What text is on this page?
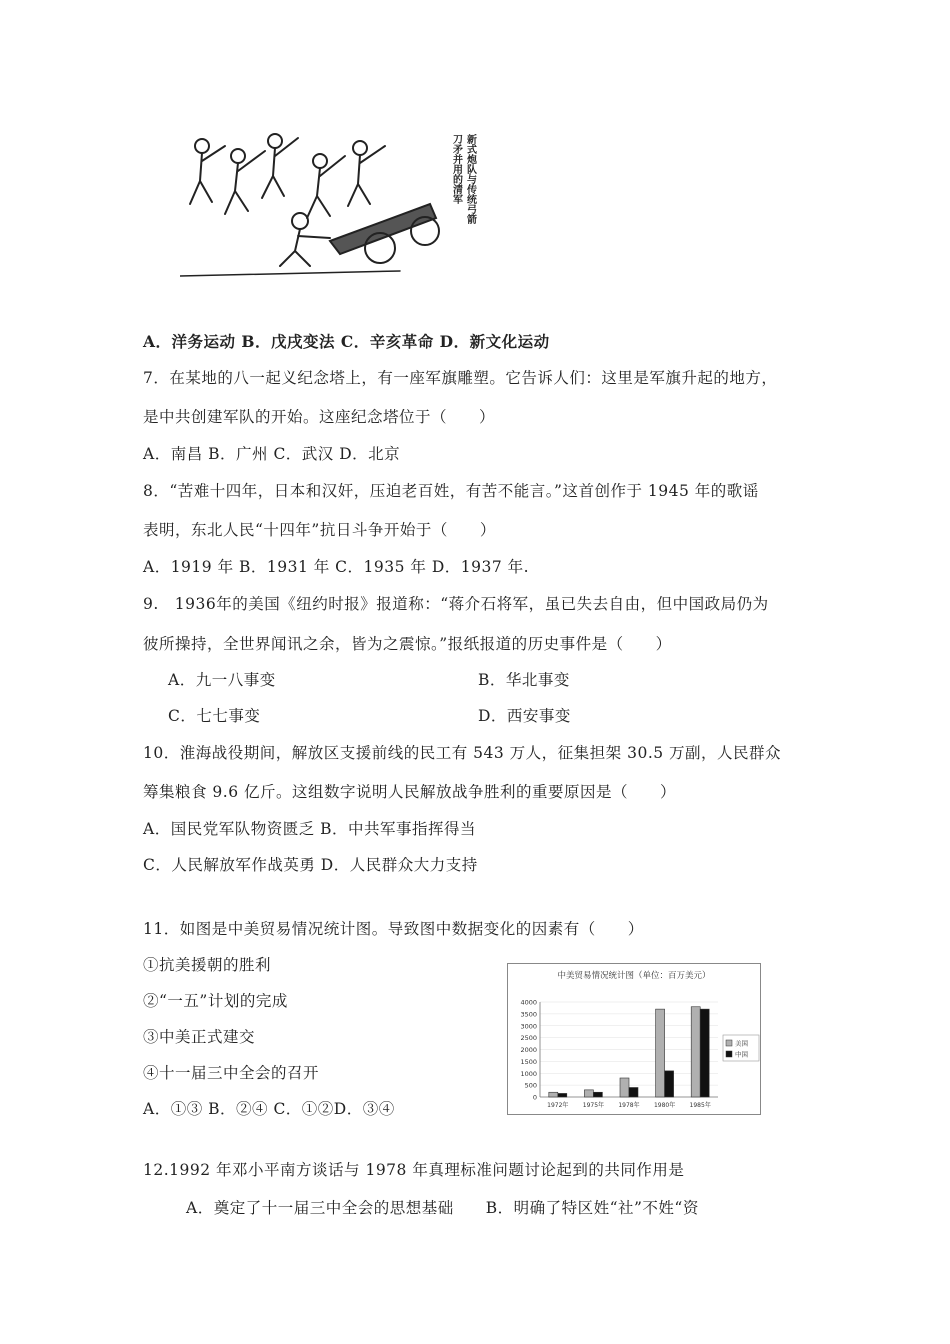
新式炮队与传统弓箭
刀矛并用的清军
A．洋务运动 B．戊戌变法 C．辛亥革命 D．新文化运动
7．在某地的八一起义纪念塔上，有一座军旗雕塑。它告诉人们：这里是军旗升起的地方，
是中共创建军队的开始。这座纪念塔位于（　　）
A．南昌 B．广州 C．武汉 D．北京
8．“苦难十四年，日本和汉奸，压迫老百姓，有苦不能言。”这首创作于 1945 年的歌谣
表明，东北人民“十四年”抗日斗争开始于（　　）
A．1919 年 B．1931 年 C．1935 年 D．1937 年.
9.　1936年的美国《纽约时报》报道称：“蒋介石将军，虽已失去自由，但中国政局仍为
彼所操持，全世界闻讯之余，皆为之震惊。”报纸报道的历史事件是（　　）
A．九一八事变	B．华北事变
C．七七事变	D．西安事变
10．淮海战役期间，解放区支援前线的民工有 543 万人，征集担架 30.5 万副，人民群众
筹集粮食 9.6 亿斤。这组数字说明人民解放战争胜利的重要原因是（　　）
A．国民党军队物资匮乏 B．中共军事指挥得当
C．人民解放军作战英勇 D．人民群众大力支持
11．如图是中美贸易情况统计图。导致图中数据变化的因素有（　　）
①抗美援朝的胜利
②“一五”计划的完成
③中美正式建交
④十一届三中全会的召开
A．①③ B．②④ C．①②D．③④
中美贸易情况统计图（单位：百万美元）
4000
3500
3000
2500
2000
1500
1000
500
0
1972年 1975年 1978年 1980年 1985年
美国
中国
12.1992 年邓小平南方谈话与 1978 年真理标准问题讨论起到的共同作用是
A．奠定了十一届三中全会的思想基础　　B．明确了特区姓“社”不姓“资
